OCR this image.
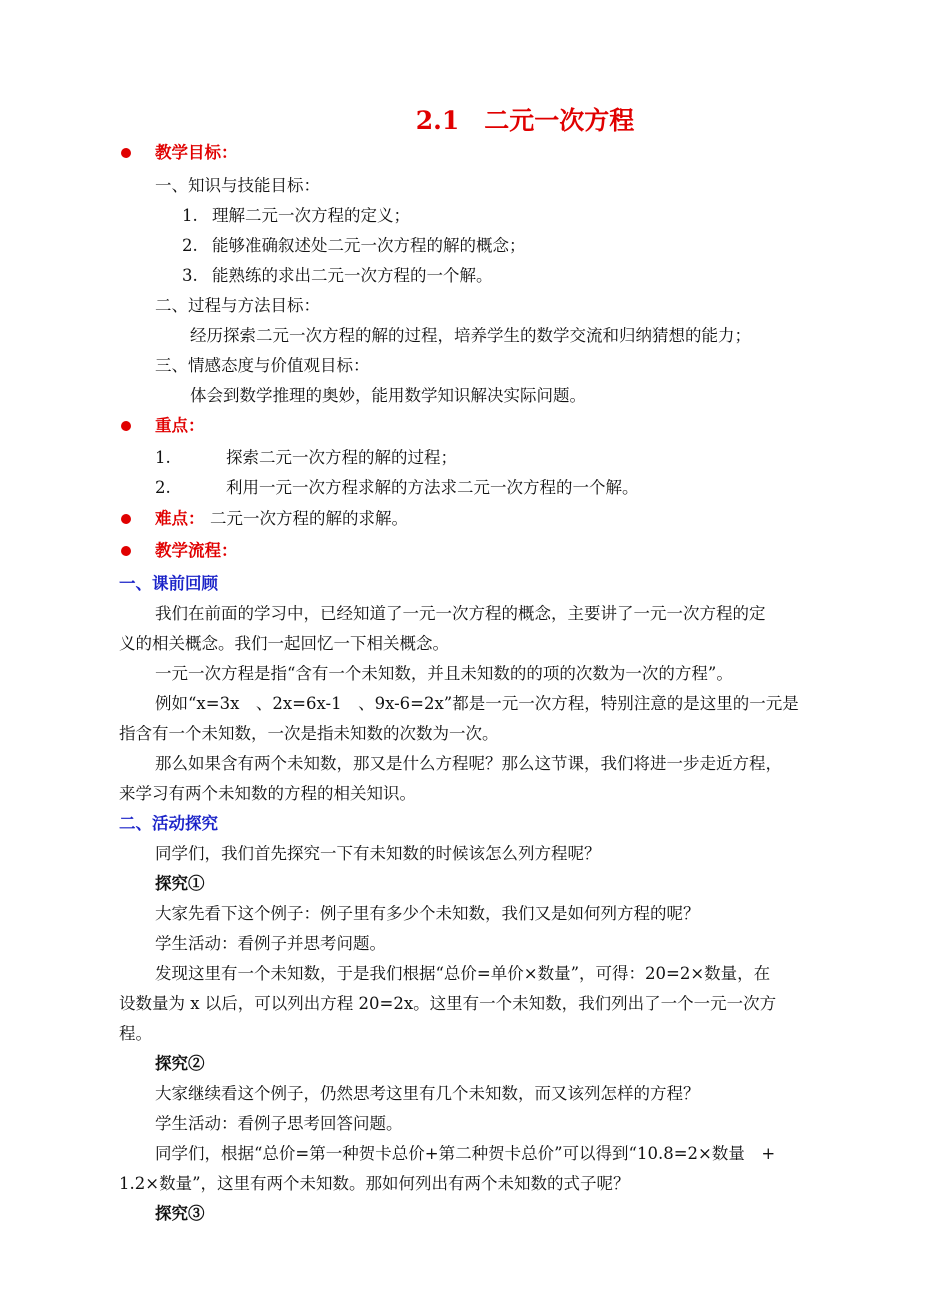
2.1　二元一次方程
教学目标：
一、知识与技能目标：
1. 理解二元一次方程的定义；
2. 能够准确叙述处二元一次方程的解的概念；
3. 能熟练的求出二元一次方程的一个解。
二、过程与方法目标：
经历探索二元一次方程的解的过程，培养学生的数学交流和归纳猜想的能力；
三、情感态度与价值观目标：
体会到数学推理的奥妙，能用数学知识解决实际问题。
重点：
1.	探索二元一次方程的解的过程；
2.	利用一元一次方程求解的方法求二元一次方程的一个解。
难点： 二元一次方程的解的求解。
教学流程：
一、课前回顾
我们在前面的学习中，已经知道了一元一次方程的概念，主要讲了一元一次方程的定
义的相关概念。我们一起回忆一下相关概念。
一元一次方程是指“含有一个未知数，并且未知数的的项的次数为一次的方程”。
例如“x=3x　、2x=6x-1　、9x-6=2x”都是一元一次方程，特别注意的是这里的一元是
指含有一个未知数，一次是指未知数的次数为一次。
那么如果含有两个未知数，那又是什么方程呢？那么这节课，我们将进一步走近方程，
来学习有两个未知数的方程的相关知识。
二、活动探究
同学们，我们首先探究一下有未知数的时候该怎么列方程呢？
探究①
大家先看下这个例子：例子里有多少个未知数，我们又是如何列方程的呢？
学生活动：看例子并思考问题。
发现这里有一个未知数，于是我们根据“总价=单价×数量”，可得：20=2×数量，在
设数量为 x 以后，可以列出方程 20=2x。这里有一个未知数，我们列出了一个一元一次方
程。
探究②
大家继续看这个例子，仍然思考这里有几个未知数，而又该列怎样的方程？
学生活动：看例子思考回答问题。
同学们，根据“总价=第一种贺卡总价+第二种贺卡总价”可以得到“10.8=2×数量　+
1.2×数量”，这里有两个未知数。那如何列出有两个未知数的式子呢？
探究③
